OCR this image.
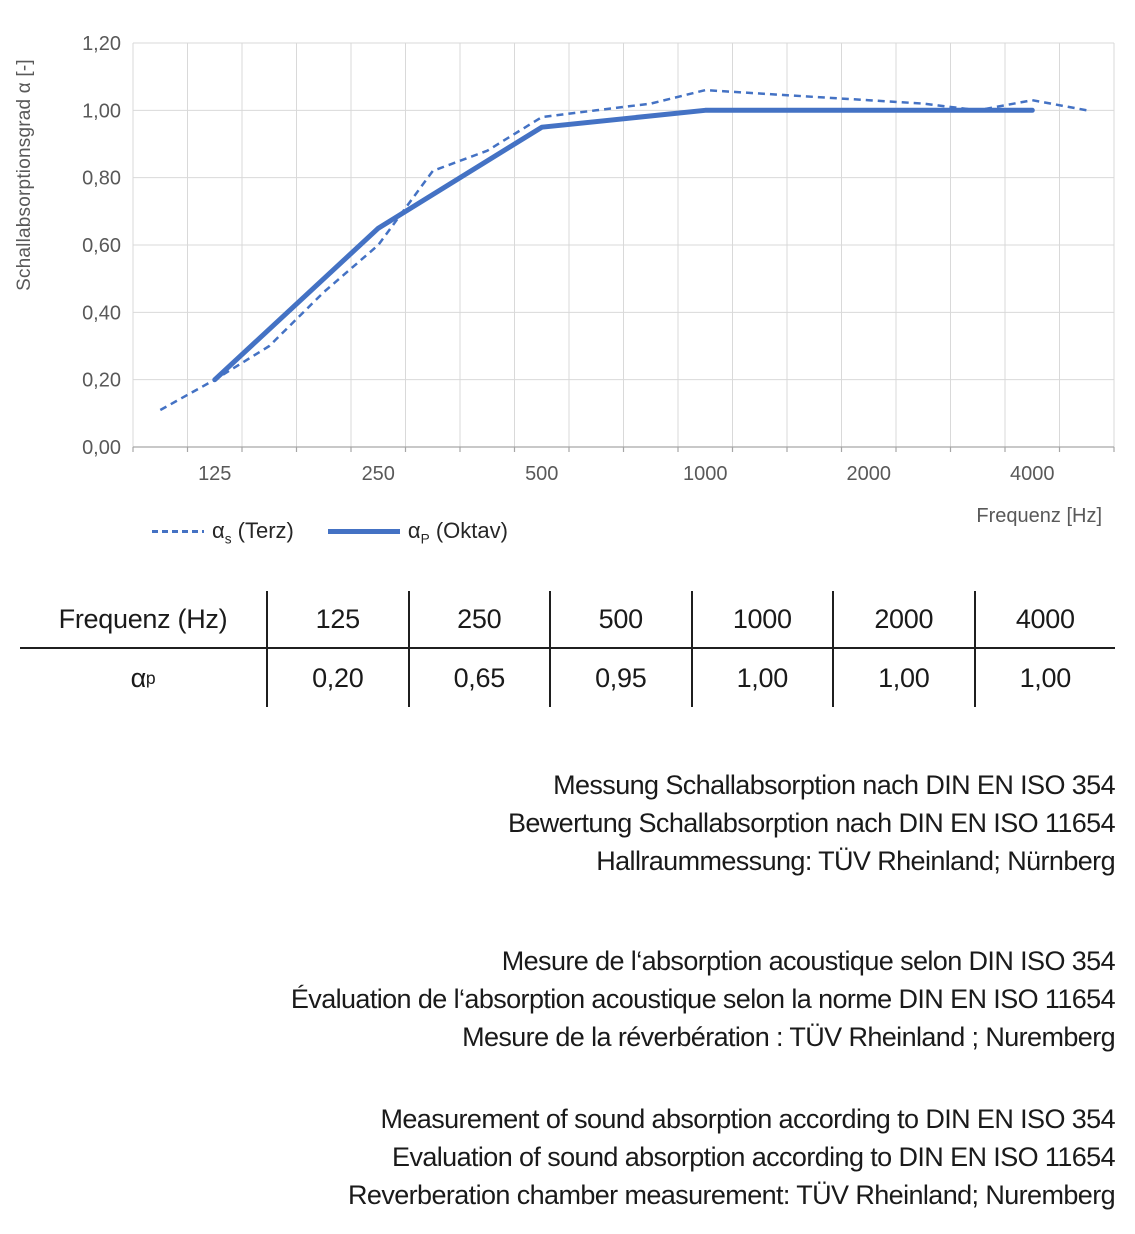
Schallabsorptionsgrad α [-]
0,00
0,20
0,40
0,60
0,80
1,00
1,20
125	250	500	1000	2000	4000
$\alpha_s$ (Terz)	$\alpha_P$ (Oktav)
Frequenz [Hz]
Frequenz (Hz)	125	250	500	1000	2000	4000
α p	0,20	0,65	0,95	1,00	1,00	1,00
Messung Schallabsorption nach DIN EN ISO 354
Bewertung Schallabsorption nach DIN EN ISO 11654
Hallraummessung: TÜV Rheinland; Nürnberg
Mesure de l‘absorption acoustique selon DIN ISO 354
Évaluation de l‘absorption acoustique selon la norme DIN EN ISO 11654
Mesure de la réverbération : TÜV Rheinland ; Nuremberg
Measurement of sound absorption according to DIN EN ISO 354
Evaluation of sound absorption according to DIN EN ISO 11654
Reverberation chamber measurement: TÜV Rheinland; Nuremberg
